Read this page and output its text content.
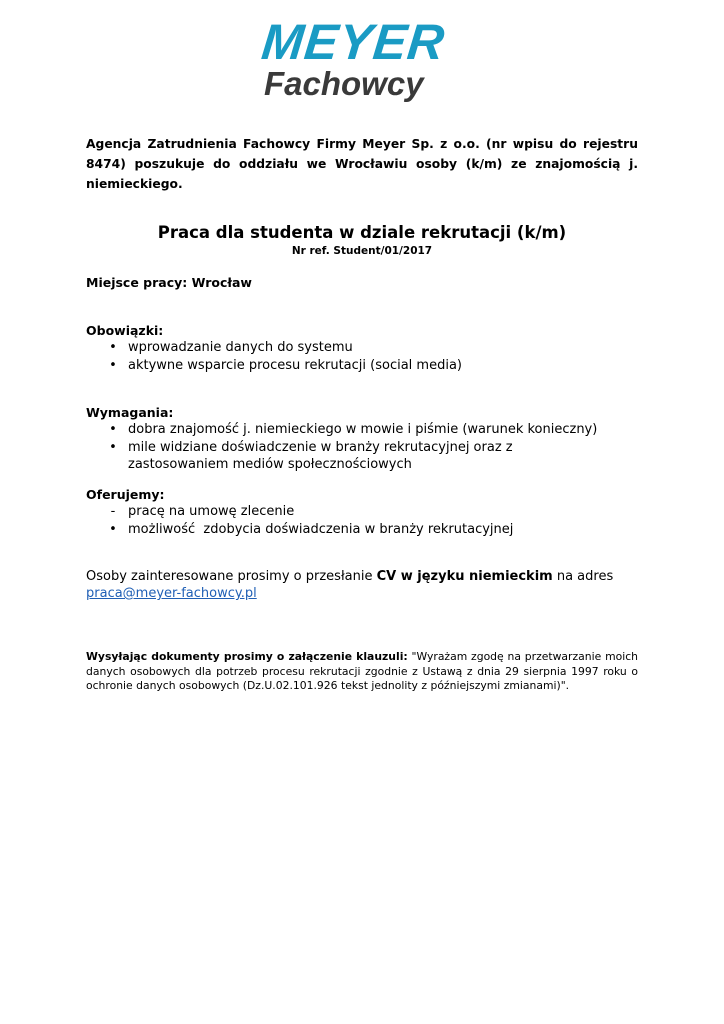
MEYER
Fachowcy
Agencja Zatrudnienia Fachowcy Firmy Meyer Sp. z o.o. (nr wpisu do rejestru 8474) poszukuje do oddziału we Wrocławiu osoby (k/m) ze znajomością j. niemieckiego.
Praca dla studenta w dziale rekrutacji (k/m)
Nr ref. Student/01/2017
Miejsce pracy: Wrocław
Obowiązki:
• wprowadzanie danych do systemu
• aktywne wsparcie procesu rekrutacji (social media)
Wymagania:
• dobra znajomość j. niemieckiego w mowie i piśmie (warunek konieczny)
• mile widziane doświadczenie w branży rekrutacyjnej oraz z zastosowaniem mediów społecznościowych
Oferujemy:
- pracę na umowę zlecenie
• możliwość  zdobycia doświadczenia w branży rekrutacyjnej
Osoby zainteresowane prosimy o przesłanie CV w języku niemieckim na adres
praca@meyer-fachowcy.pl
Wysyłając dokumenty prosimy o załączenie klauzuli: "Wyrażam zgodę na przetwarzanie moich danych osobowych dla potrzeb procesu rekrutacji zgodnie z Ustawą z dnia 29 sierpnia 1997 roku o ochronie danych osobowych (Dz.U.02.101.926 tekst jednolity z późniejszymi zmianami)".
